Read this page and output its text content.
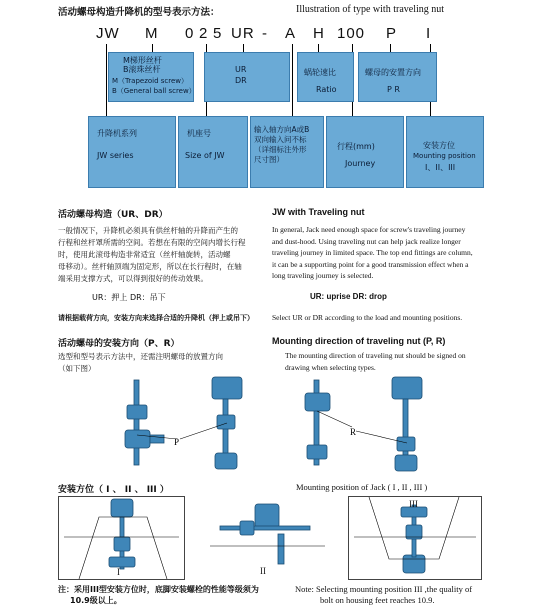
活动螺母构造升降机的型号表示方法：	Illustration of type with traveling nut
JW M 0 2 5 UR - A H 100 P I
M梯形丝杆
B滚珠丝杆
M（Trapezoid screw）
B（General ball screw）
UR
DR
蜗轮速比
Ratio
螺母的安置方向
P R
升降机系列
JW series
机座号
Size of JW
输入轴方向A或B
双向输入问不标
（详细标注外形
尺寸图）
行程(mm)
Journey
安装方位
Mounting position
I、II、III
活动螺母构造（UR、DR）	JW with Traveling nut
一般情况下，升降机必须具有供丝杆轴的升降而产生的
行程和丝杆罩所需的空间。若想在有限的空间内增长行程
时，使用此滚母构造非常适宜（丝杆轴旋转，活动螺
母移动）。丝杆轴顶端为固定形，所以在长行程时，在轴
端采用支撑方式，可以得到很好的传动效果。
In general, Jack need enough space for screw's traveling journey
and dust-hood. Using traveling nut can help jack realize longer
traveling journey in limited space. The top end fittings are column,
it can be a supporting point for a good transmission effect when a
long traveling journey is selected.
UR：押上 DR：吊下	UR: uprise DR: drop
请根据载荷方向，安装方向来选择合适的升降机（押上或吊下） Select UR or DR according to the load and mounting positions.
活动螺母的安装方向（P、R）	Mounting direction of traveling nut (P, R)
选型和型号表示方法中，还需注明螺母的放置方向
（如下图）
The mounting direction of traveling nut should be signed on
drawing when selecting types.
P
R
安装方位（ I 、 II 、 III ）	Mounting position of Jack ( I , II , III )
I	II
III
注：采用III型安装方位时，底脚安装螺栓的性能等级须为
10.9级以上。
Note: Selecting mounting position III ,the quality of
bolt on housing feet reaches 10.9.
